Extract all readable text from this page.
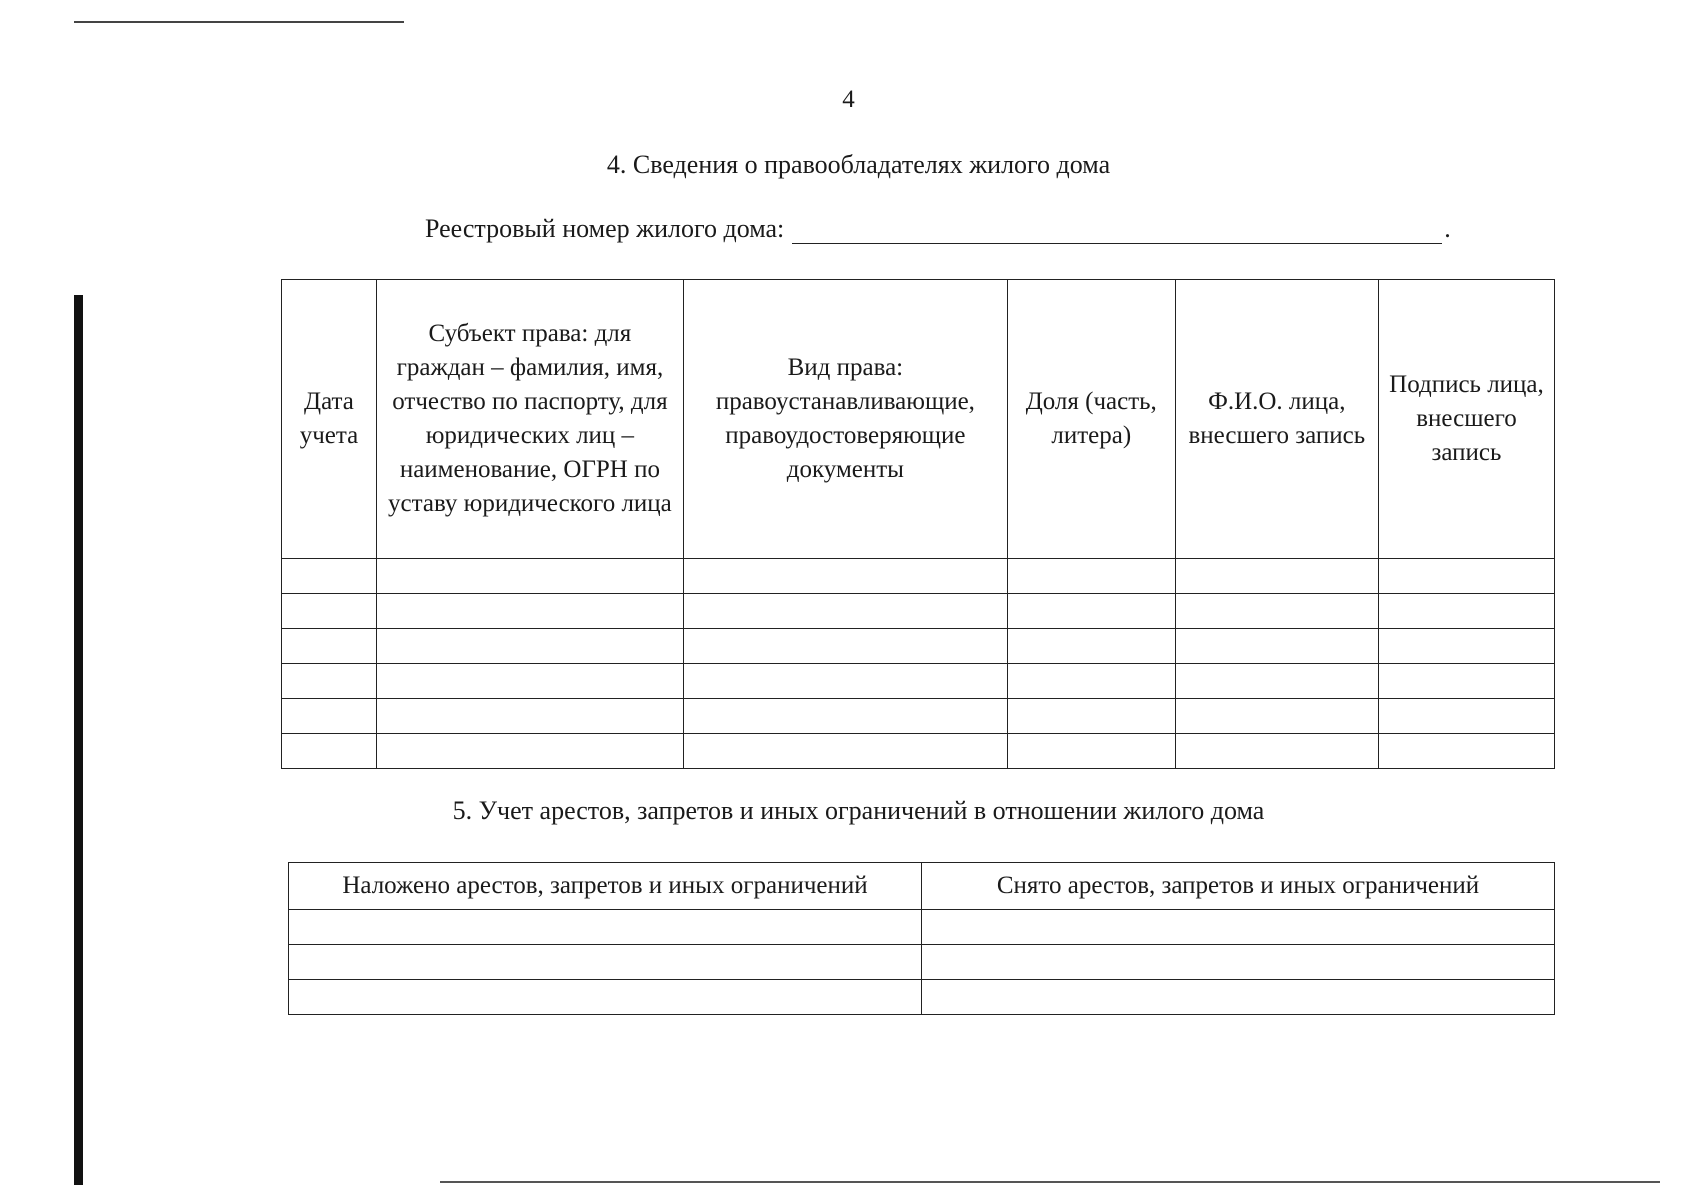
4
4. Сведения о правообладателях жилого дома
Реестровый номер жилого дома:	.
Дата учета	Субъект права: для граждан – фамилия, имя, отчество по паспорту, для юридических лиц – наименование, ОГРН по уставу юридического лица	Вид права: правоустанавливающие, правоудостоверяющие документы	Доля (часть, литера)	Ф.И.О. лица, внесшего запись	Подпись лица, внесшего запись

5. Учет арестов, запретов и иных ограничений в отношении жилого дома
Наложено арестов, запретов и иных ограничений	Снято арестов, запретов и иных ограничений
